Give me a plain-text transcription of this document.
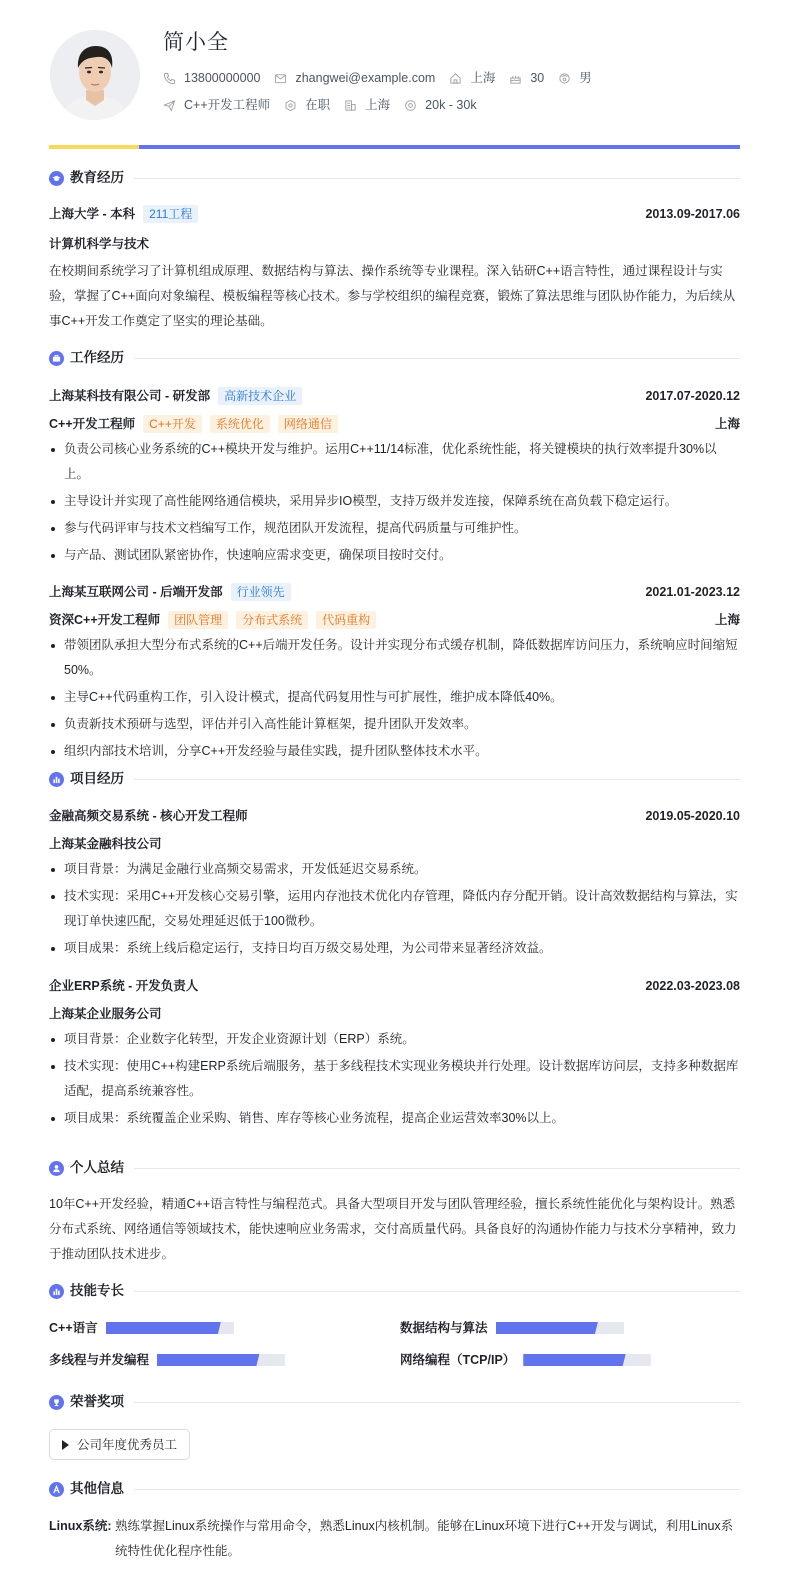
简小全
13800000000	zhangwei@example.com	上海	30	男
C++开发工程师	在职	上海	20k - 30k
教育经历
上海大学 - 本科	211工程	2013.09-2017.06
计算机科学与技术
在校期间系统学习了计算机组成原理、数据结构与算法、操作系统等专业课程。深入钻研C++语言特性，通过课程设计与实验，掌握了C++面向对象编程、模板编程等核心技术。参与学校组织的编程竞赛，锻炼了算法思维与团队协作能力，为后续从事C++开发工作奠定了坚实的理论基础。
工作经历
上海某科技有限公司 - 研发部	高新技术企业	2017.07-2020.12
C++开发工程师	C++开发	系统优化	网络通信	上海
负责公司核心业务系统的C++模块开发与维护。运用C++11/14标准，优化系统性能，将关键模块的执行效率提升30%以上。
主导设计并实现了高性能网络通信模块，采用异步IO模型，支持万级并发连接，保障系统在高负载下稳定运行。
参与代码评审与技术文档编写工作，规范团队开发流程，提高代码质量与可维护性。
与产品、测试团队紧密协作，快速响应需求变更，确保项目按时交付。
上海某互联网公司 - 后端开发部	行业领先	2021.01-2023.12
资深C++开发工程师	团队管理	分布式系统	代码重构	上海
带领团队承担大型分布式系统的C++后端开发任务。设计并实现分布式缓存机制，降低数据库访问压力，系统响应时间缩短50%。
主导C++代码重构工作，引入设计模式，提高代码复用性与可扩展性，维护成本降低40%。
负责新技术预研与选型，评估并引入高性能计算框架，提升团队开发效率。
组织内部技术培训，分享C++开发经验与最佳实践，提升团队整体技术水平。
项目经历
金融高频交易系统 - 核心开发工程师	2019.05-2020.10
上海某金融科技公司
项目背景：为满足金融行业高频交易需求，开发低延迟交易系统。
技术实现：采用C++开发核心交易引擎，运用内存池技术优化内存管理，降低内存分配开销。设计高效数据结构与算法，实现订单快速匹配，交易处理延迟低于100微秒。
项目成果：系统上线后稳定运行，支持日均百万级交易处理，为公司带来显著经济效益。
企业ERP系统 - 开发负责人	2022.03-2023.08
上海某企业服务公司
项目背景：企业数字化转型，开发企业资源计划（ERP）系统。
技术实现：使用C++构建ERP系统后端服务，基于多线程技术实现业务模块并行处理。设计数据库访问层，支持多种数据库适配，提高系统兼容性。
项目成果：系统覆盖企业采购、销售、库存等核心业务流程，提高企业运营效率30%以上。
个人总结
10年C++开发经验，精通C++语言特性与编程范式。具备大型项目开发与团队管理经验，擅长系统性能优化与架构设计。熟悉分布式系统、网络通信等领域技术，能快速响应业务需求，交付高质量代码。具备良好的沟通协作能力与技术分享精神，致力于推动团队技术进步。
技能专长
C++语言	数据结构与算法
多线程与并发编程	网络编程（TCP/IP）
荣誉奖项
公司年度优秀员工
其他信息
Linux系统: 熟练掌握Linux系统操作与常用命令，熟悉Linux内核机制。能够在Linux环境下进行C++开发与调试，利用Linux系统特性优化程序性能。
